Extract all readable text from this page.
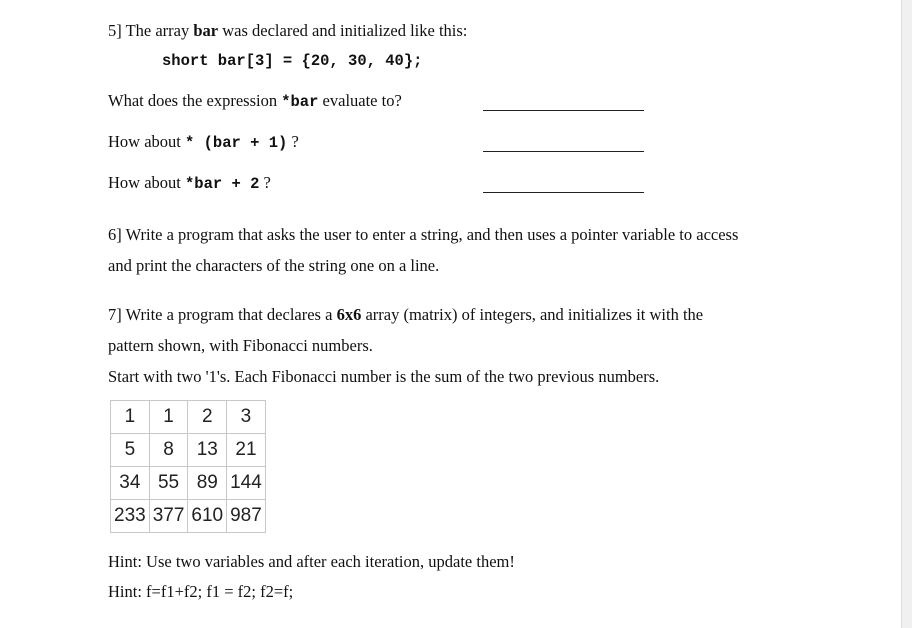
5] The array bar was declared and initialized like this:
short bar[3] = {20, 30, 40};
What does the expression *bar evaluate to?
How about * (bar + 1) ?
How about *bar + 2 ?
6] Write a program that asks the user to enter a string, and then uses a pointer variable to access
and print the characters of the string one on a line.
7] Write a program that declares a 6x6 array (matrix) of integers, and initializes it with the
pattern shown, with Fibonacci numbers.
Start with two '1's. Each Fibonacci number is the sum of the two previous numbers.
1	1	2	3
5	8	13	21
34	55	89	144
233	377	610	987
Hint: Use two variables and after each iteration, update them!
Hint: f=f1+f2; f1 = f2; f2=f;
